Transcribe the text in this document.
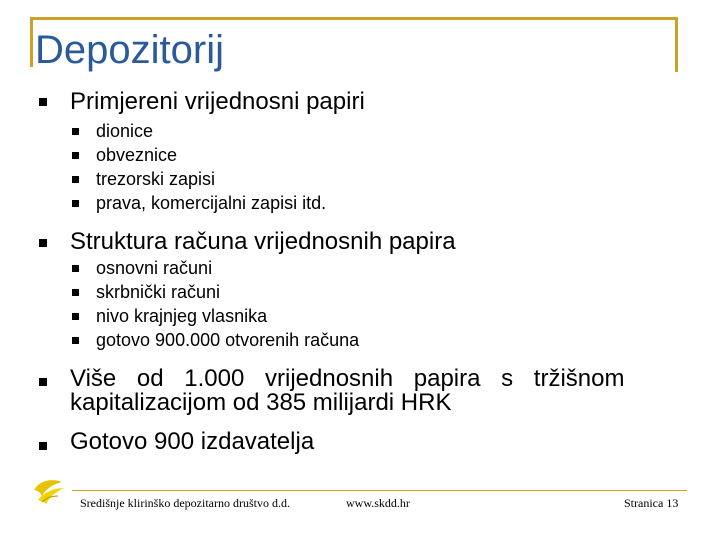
Depozitorij
Primjereni vrijednosni papiri
dionice
obveznice
trezorski zapisi
prava, komercijalni zapisi itd.
Struktura računa vrijednosnih papira
osnovni računi
skrbnički računi
nivo krajnjeg vlasnika
gotovo 900.000 otvorenih računa
Više od 1.000 vrijednosnih papira s tržišnom
kapitalizacijom od 385 milijardi HRK
Gotovo 900 izdavatelja
Središnje klirinško depozitarno društvo d.d.	www.skdd.hr	Stranica 13
